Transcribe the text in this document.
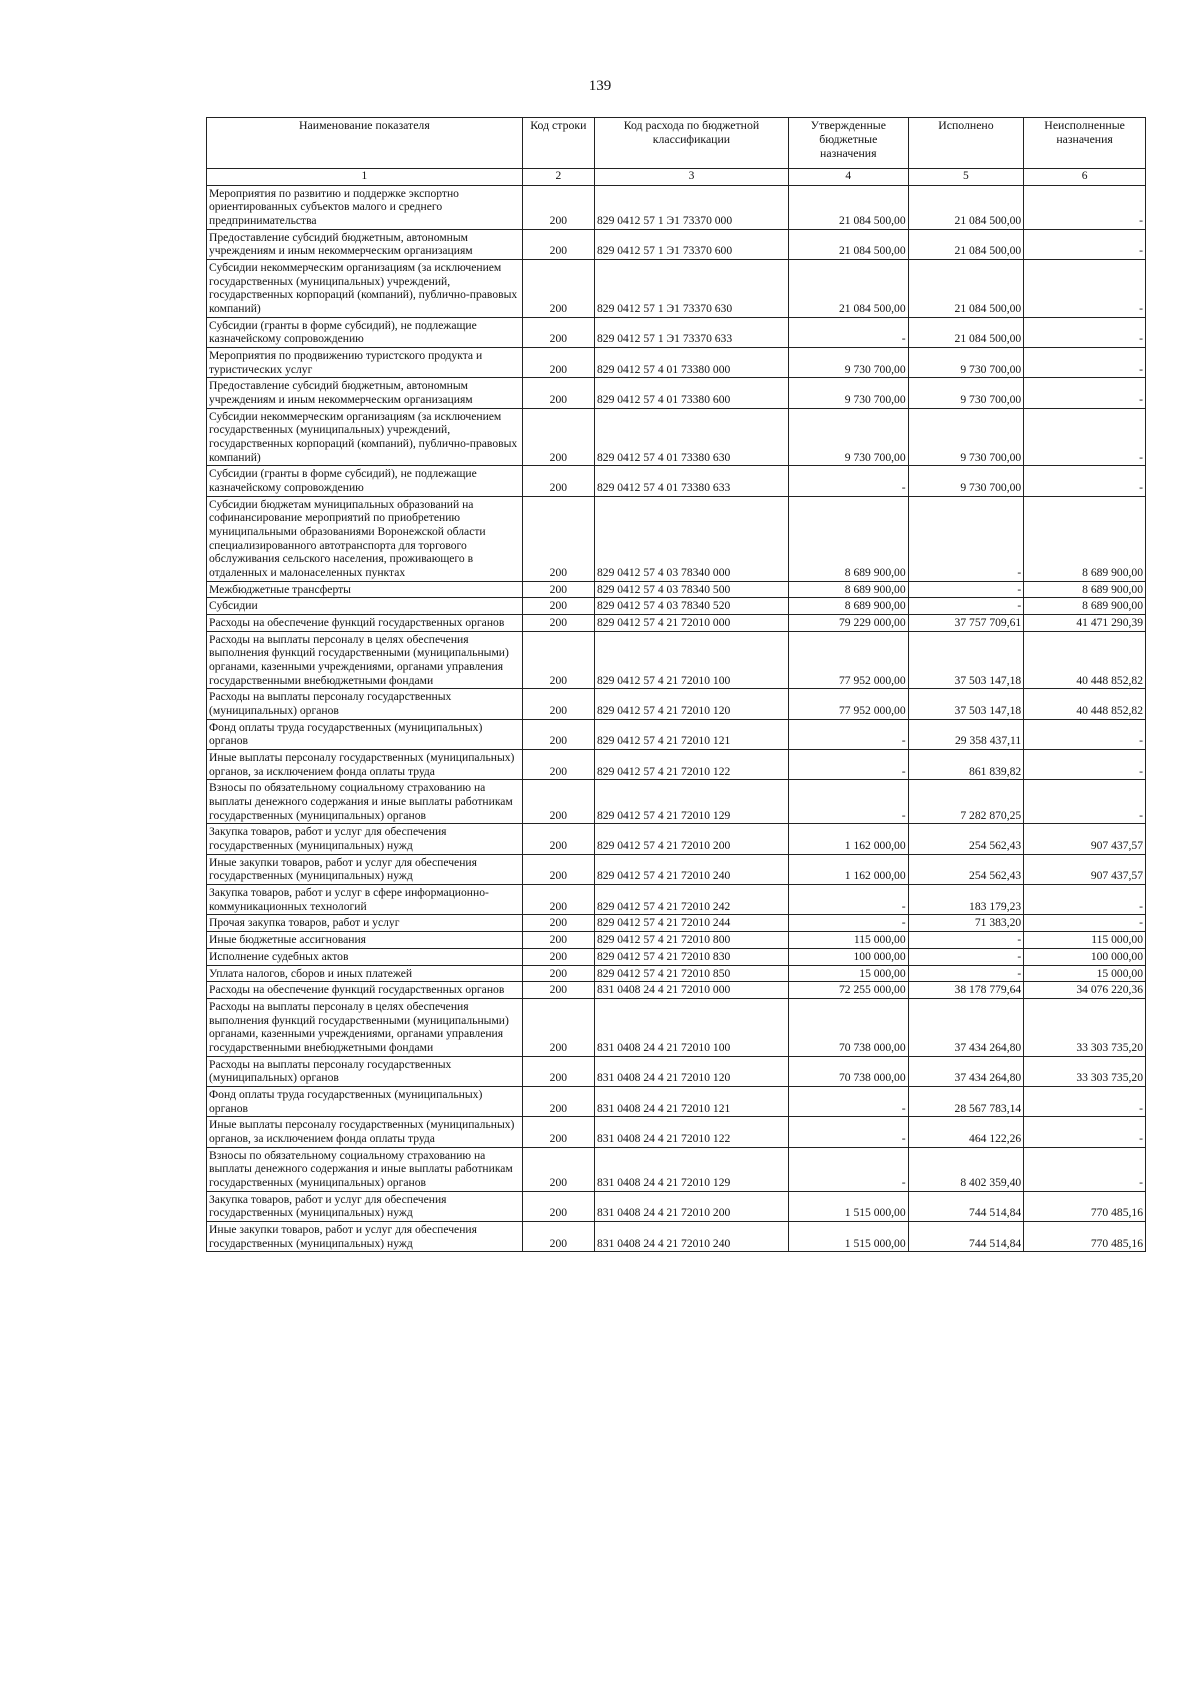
139
Наименование показателя	Код строки	Код расхода по бюджетной классификации	Утвержденные бюджетные назначения	Исполнено	Неисполненные назначения
1	2	3	4	5	6
Мероприятия по развитию и поддержке экспортно ориентированных субъектов малого и среднего предпринимательства	200	829 0412 57 1 Э1 73370 000	21 084 500,00	21 084 500,00	-
Предоставление субсидий бюджетным, автономным учреждениям и иным некоммерческим организациям	200	829 0412 57 1 Э1 73370 600	21 084 500,00	21 084 500,00	-
Субсидии некоммерческим организациям (за исключением государственных (муниципальных) учреждений, государственных корпораций (компаний), публично-правовых компаний)	200	829 0412 57 1 Э1 73370 630	21 084 500,00	21 084 500,00	-
Субсидии (гранты в форме субсидий), не подлежащие казначейскому сопровождению	200	829 0412 57 1 Э1 73370 633	-	21 084 500,00	-
Мероприятия по продвижению туристского продукта и туристических услуг	200	829 0412 57 4 01 73380 000	9 730 700,00	9 730 700,00	-
Предоставление субсидий бюджетным, автономным учреждениям и иным некоммерческим организациям	200	829 0412 57 4 01 73380 600	9 730 700,00	9 730 700,00	-
Субсидии некоммерческим организациям (за исключением государственных (муниципальных) учреждений, государственных корпораций (компаний), публично-правовых компаний)	200	829 0412 57 4 01 73380 630	9 730 700,00	9 730 700,00	-
Субсидии (гранты в форме субсидий), не подлежащие казначейскому сопровождению	200	829 0412 57 4 01 73380 633	-	9 730 700,00	-
Субсидии бюджетам муниципальных образований на софинансирование мероприятий по приобретению муниципальными образованиями Воронежской области специализированного автотранспорта для торгового обслуживания сельского населения, проживающего в отдаленных и малонаселенных пунктах	200	829 0412 57 4 03 78340 000	8 689 900,00	-	8 689 900,00
Межбюджетные трансферты	200	829 0412 57 4 03 78340 500	8 689 900,00	-	8 689 900,00
Субсидии	200	829 0412 57 4 03 78340 520	8 689 900,00	-	8 689 900,00
Расходы на обеспечение функций государственных органов	200	829 0412 57 4 21 72010 000	79 229 000,00	37 757 709,61	41 471 290,39
Расходы на выплаты персоналу в целях обеспечения выполнения функций государственными (муниципальными) органами, казенными учреждениями, органами управления государственными внебюджетными фондами	200	829 0412 57 4 21 72010 100	77 952 000,00	37 503 147,18	40 448 852,82
Расходы на выплаты персоналу государственных (муниципальных) органов	200	829 0412 57 4 21 72010 120	77 952 000,00	37 503 147,18	40 448 852,82
Фонд оплаты труда государственных (муниципальных) органов	200	829 0412 57 4 21 72010 121	-	29 358 437,11	-
Иные выплаты персоналу государственных (муниципальных) органов, за исключением фонда оплаты труда	200	829 0412 57 4 21 72010 122	-	861 839,82	-
Взносы по обязательному социальному страхованию на выплаты денежного содержания и иные выплаты работникам государственных (муниципальных) органов	200	829 0412 57 4 21 72010 129	-	7 282 870,25	-
Закупка товаров, работ и услуг для обеспечения государственных (муниципальных) нужд	200	829 0412 57 4 21 72010 200	1 162 000,00	254 562,43	907 437,57
Иные закупки товаров, работ и услуг для обеспечения государственных (муниципальных) нужд	200	829 0412 57 4 21 72010 240	1 162 000,00	254 562,43	907 437,57
Закупка товаров, работ и услуг в сфере информационно-коммуникационных технологий	200	829 0412 57 4 21 72010 242	-	183 179,23	-
Прочая закупка товаров, работ и услуг	200	829 0412 57 4 21 72010 244	-	71 383,20	-
Иные бюджетные ассигнования	200	829 0412 57 4 21 72010 800	115 000,00	-	115 000,00
Исполнение судебных актов	200	829 0412 57 4 21 72010 830	100 000,00	-	100 000,00
Уплата налогов, сборов и иных платежей	200	829 0412 57 4 21 72010 850	15 000,00	-	15 000,00
Расходы на обеспечение функций государственных органов	200	831 0408 24 4 21 72010 000	72 255 000,00	38 178 779,64	34 076 220,36
Расходы на выплаты персоналу в целях обеспечения выполнения функций государственными (муниципальными) органами, казенными учреждениями, органами управления государственными внебюджетными фондами	200	831 0408 24 4 21 72010 100	70 738 000,00	37 434 264,80	33 303 735,20
Расходы на выплаты персоналу государственных (муниципальных) органов	200	831 0408 24 4 21 72010 120	70 738 000,00	37 434 264,80	33 303 735,20
Фонд оплаты труда государственных (муниципальных) органов	200	831 0408 24 4 21 72010 121	-	28 567 783,14	-
Иные выплаты персоналу государственных (муниципальных) органов, за исключением фонда оплаты труда	200	831 0408 24 4 21 72010 122	-	464 122,26	-
Взносы по обязательному социальному страхованию на выплаты денежного содержания и иные выплаты работникам государственных (муниципальных) органов	200	831 0408 24 4 21 72010 129	-	8 402 359,40	-
Закупка товаров, работ и услуг для обеспечения государственных (муниципальных) нужд	200	831 0408 24 4 21 72010 200	1 515 000,00	744 514,84	770 485,16
Иные закупки товаров, работ и услуг для обеспечения государственных (муниципальных) нужд	200	831 0408 24 4 21 72010 240	1 515 000,00	744 514,84	770 485,16
